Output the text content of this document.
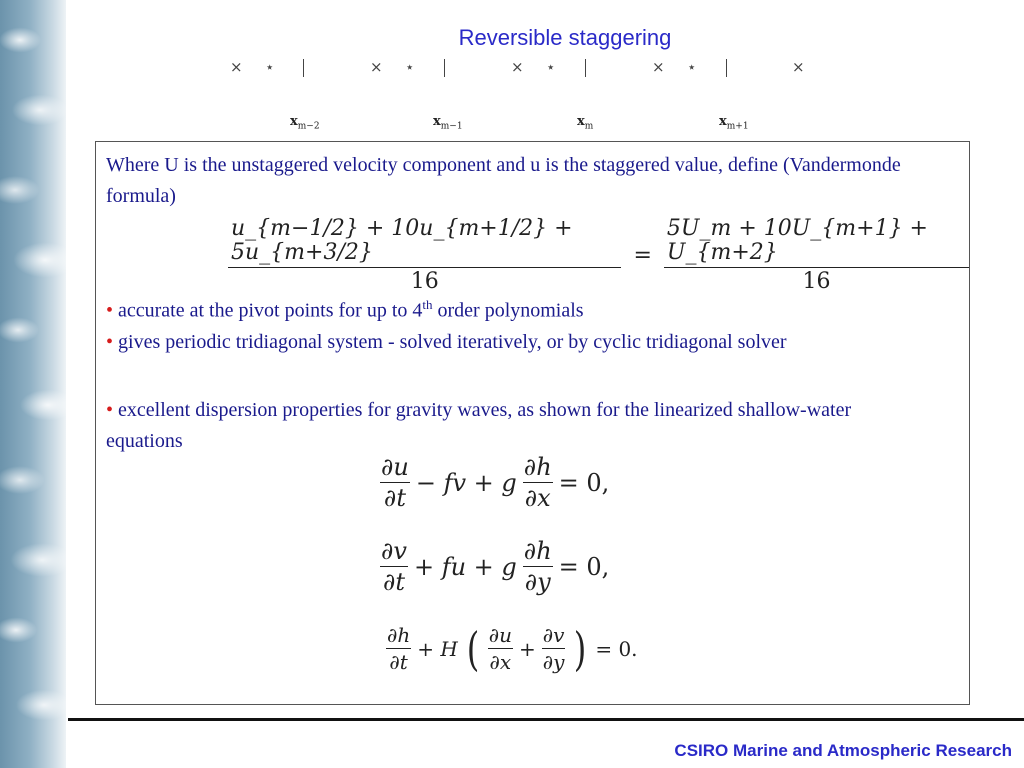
Reversible staggering
× ⋆	× ⋆	× ⋆	× ⋆	×
$x_{m-2}$	$x_{m-1}$	$x_m$	$x_{m+1}$
Where U is the unstaggered velocity component and u is the staggered value, define (Vandermonde formula)
$\frac{u\_\{m-1/2\} + 10u\_\{m+1/2\} + 5u\_\{m+3/2\}}{16} = \frac{5U\_m + 10U\_\{m+1\} + U\_\{m+2\}}{16}$
• accurate at the pivot points for up to 4th order polynomials
• gives periodic tridiagonal system - solved iteratively, or by cyclic tridiagonal solver
• excellent dispersion properties for gravity waves, as shown for the linearized shallow-water equations
$\frac{\partial u}{\partial t}$ − fv + g $\frac{\partial h}{\partial x} = 0$,
$\frac{\partial v}{\partial t}$ + fu + g $\frac{\partial h}{\partial y} = 0$,
$\frac{\partial h}{\partial t} + H$ ( $\frac{\partial u}{\partial x} + \frac{\partial v}{\partial y}$ ) = 0.
CSIRO Marine and Atmospheric Research
